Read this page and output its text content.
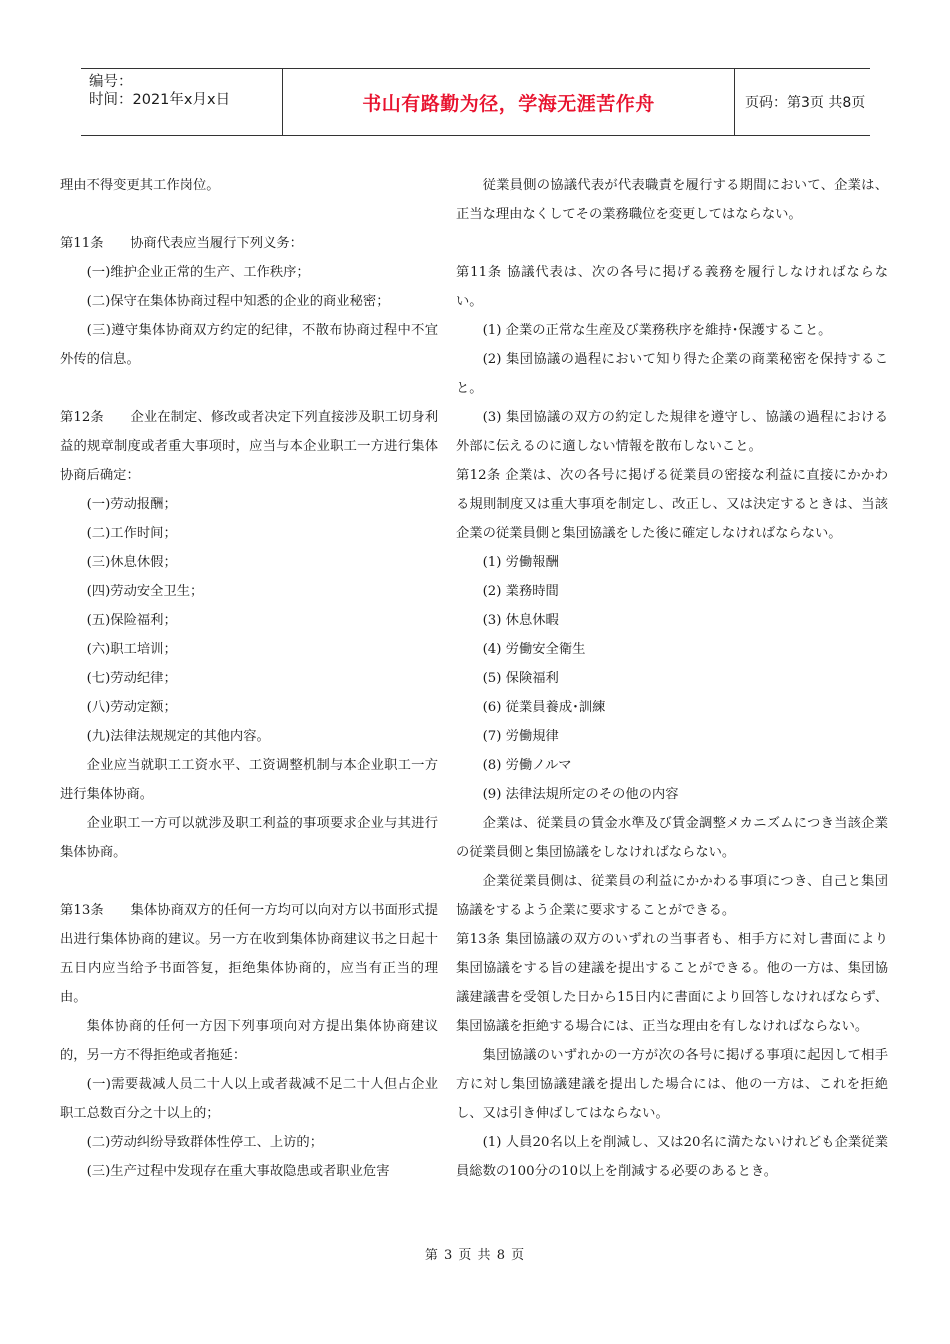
编号：
时间：2021年x月x日	书山有路勤为径，学海无涯苦作舟	页码：第3页 共8页

理由不得变更其工作岗位。

第11条　　协商代表应当履行下列义务：

(一)维护企业正常的生产、工作秩序；

(二)保守在集体协商过程中知悉的企业的商业秘密；

(三)遵守集体协商双方约定的纪律，不散布协商过程中不宜外传的信息。

第12条　　企业在制定、修改或者决定下列直接涉及职工切身利益的规章制度或者重大事项时，应当与本企业职工一方进行集体协商后确定：

(一)劳动报酬；

(二)工作时间；

(三)休息休假；

(四)劳动安全卫生；

(五)保险福利；

(六)职工培训；

(七)劳动纪律；

(八)劳动定额；

(九)法律法规规定的其他内容。

企业应当就职工工资水平、工资调整机制与本企业职工一方进行集体协商。

企业职工一方可以就涉及职工利益的事项要求企业与其进行集体协商。

第13条　　集体协商双方的任何一方均可以向对方以书面形式提出进行集体协商的建议。另一方在收到集体协商建议书之日起十五日内应当给予书面答复，拒绝集体协商的，应当有正当的理由。

集体协商的任何一方因下列事项向对方提出集体协商建议的，另一方不得拒绝或者拖延：

(一)需要裁减人员二十人以上或者裁减不足二十人但占企业职工总数百分之十以上的；

(二)劳动纠纷导致群体性停工、上访的；

(三)生产过程中发现存在重大事故隐患或者职业危害

従業員側の協議代表が代表職責を履行する期間において、企業は、正当な理由なくしてその業務職位を変更してはならない。

第11条 協議代表は、次の各号に掲げる義務を履行しなければならない。

(1) 企業の正常な生産及び業務秩序を維持･保護すること。

(2) 集団協議の過程において知り得た企業の商業秘密を保持すること。

(3) 集団協議の双方の約定した規律を遵守し、協議の過程における外部に伝えるのに適しない情報を散布しないこと。

第12条 企業は、次の各号に掲げる従業員の密接な利益に直接にかかわる規則制度又は重大事項を制定し、改正し、又は決定するときは、当該企業の従業員側と集団協議をした後に確定しなければならない。

(1) 労働報酬

(2) 業務時間

(3) 休息休暇

(4) 労働安全衛生

(5) 保険福利

(6) 従業員養成･訓練

(7) 労働規律

(8) 労働ノルマ

(9) 法律法規所定のその他の内容

企業は、従業員の賃金水準及び賃金調整メカニズムにつき当該企業の従業員側と集団協議をしなければならない。

企業従業員側は、従業員の利益にかかわる事項につき、自己と集団協議をするよう企業に要求することができる。

第13条 集団協議の双方のいずれの当事者も、相手方に対し書面により集団協議をする旨の建議を提出することができる。他の一方は、集団協議建議書を受領した日から15日内に書面により回答しなければならず、集団協議を拒絶する場合には、正当な理由を有しなければならない。

集団協議のいずれかの一方が次の各号に掲げる事項に起因して相手方に対し集団協議建議を提出した場合には、他の一方は、これを拒絶し、又は引き伸ばしてはならない。

(1) 人員20名以上を削減し、又は20名に満たないけれども企業従業員総数の100分の10以上を削減する必要のあるとき。

第 3 页 共 8 页
